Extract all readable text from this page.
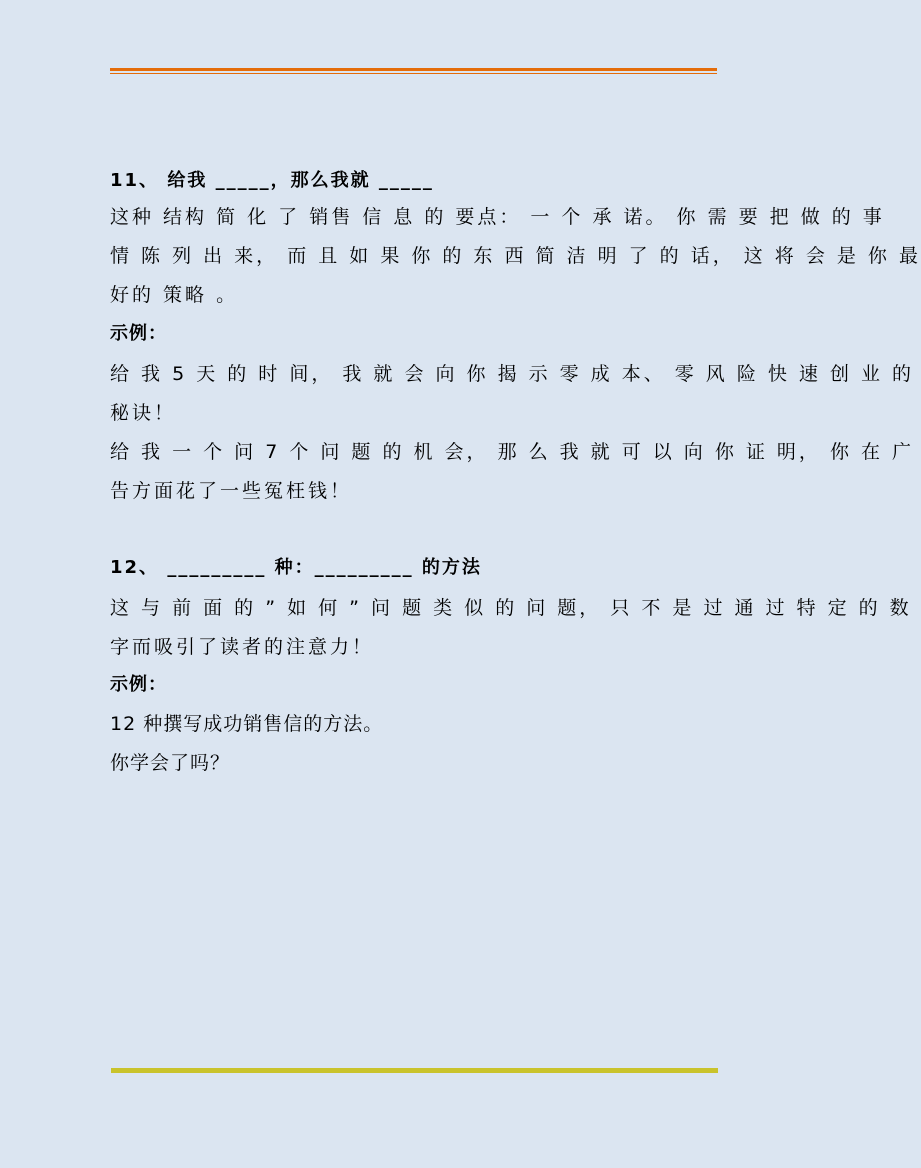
11、 给我 _____，那么我就 _____
这种 结构 简 化 了 销售 信 息 的 要点： 一 个 承 诺。 你 需 要 把 做 的 事
情 陈 列 出 来， 而 且 如 果 你 的 东 西 简 洁 明 了 的 话， 这 将 会 是 你 最
好的 策略 。
示例：
给 我 5 天 的 时 间， 我 就 会 向 你 揭 示 零 成 本、 零 风 险 快 速 创 业 的
秘诀！
给 我 一 个 问 7 个 问 题 的 机 会， 那 么 我 就 可 以 向 你 证 明， 你 在 广
告方面花了一些冤枉钱！
12、 _________ 种：_________ 的方法
这 与 前 面 的 ” 如 何 ” 问 题 类 似 的 问 题， 只 不 是 过 通 过 特 定 的 数
字而吸引了读者的注意力！
示例：
12 种撰写成功销售信的方法。
你学会了吗？
